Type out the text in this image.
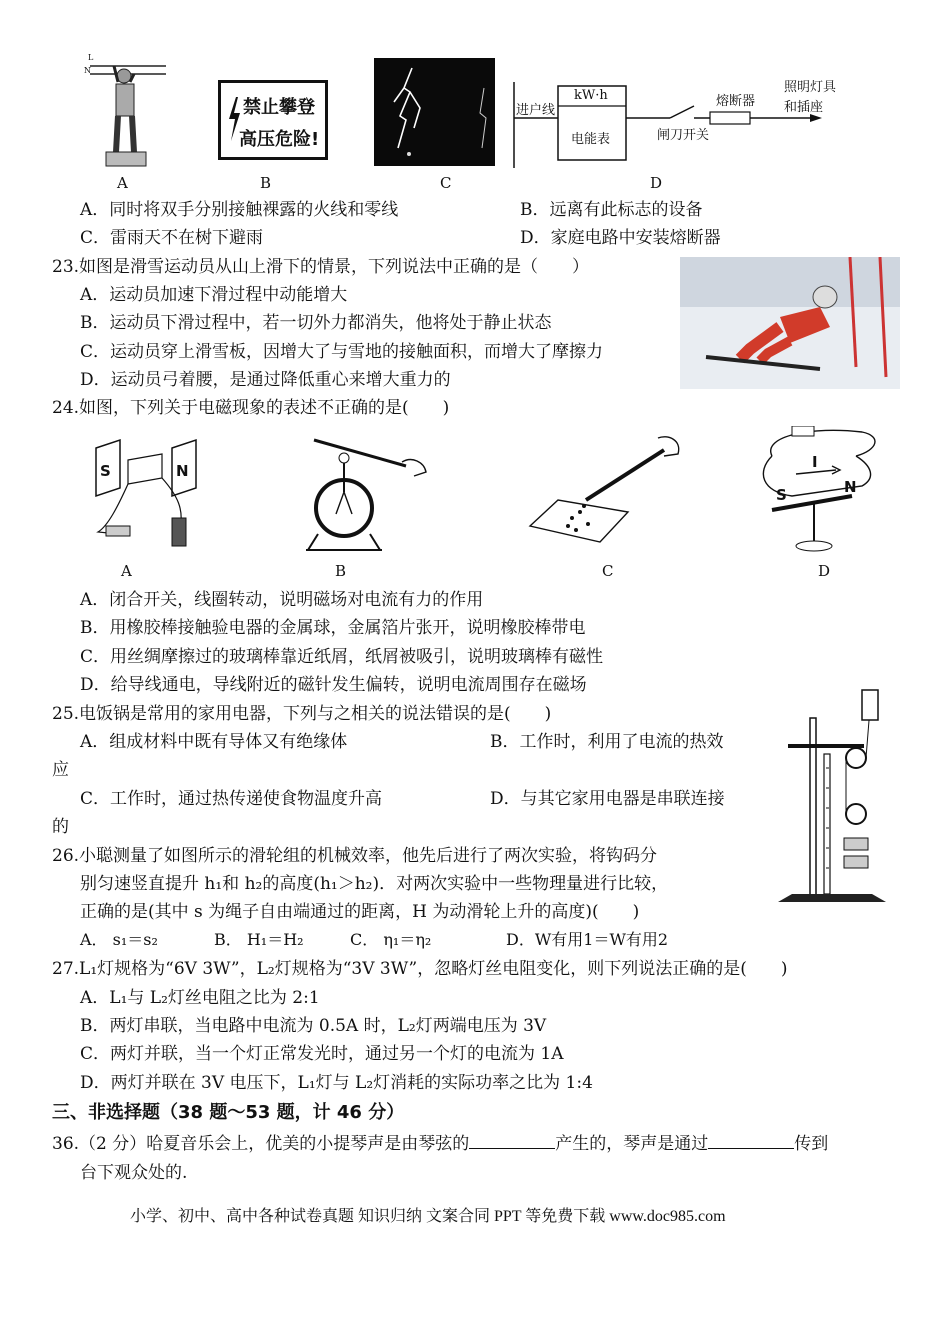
L
N
禁止攀登
高压危险!
kW·h
电能表
进户线
闸刀开关
熔断器
照明灯具
和插座
A	B	C	D
A．同时将双手分别接触裸露的火线和零线	B．远离有此标志的设备
C．雷雨天不在树下避雨	D．家庭电路中安装熔断器
23.如图是滑雪运动员从山上滑下的情景，下列说法中正确的是（　　）
A．运动员加速下滑过程中动能增大
B．运动员下滑过程中，若一切外力都消失，他将处于静止状态
C．运动员穿上滑雪板，因增大了与雪地的接触面积，而增大了摩擦力
D．运动员弓着腰，是通过降低重心来增大重力的
24.如图，下列关于电磁现象的表述不正确的是(　　)
S	N	I
S	N
A	B	C	D
A．闭合开关，线圈转动，说明磁场对电流有力的作用
B．用橡胶棒接触验电器的金属球，金属箔片张开，说明橡胶棒带电
C．用丝绸摩擦过的玻璃棒靠近纸屑，纸屑被吸引，说明玻璃棒有磁性
D．给导线通电，导线附近的磁针发生偏转，说明电流周围存在磁场
25.电饭锅是常用的家用电器，下列与之相关的说法错误的是(　　)
A．组成材料中既有导体又有绝缘体	B．工作时，利用了电流的热效
应
C．工作时，通过热传递使食物温度升高	D．与其它家用电器是串联连接
的
26.小聪测量了如图所示的滑轮组的机械效率，他先后进行了两次实验，将钩码分
别匀速竖直提升 h₁和 h₂的高度(h₁＞h₂)．对两次实验中一些物理量进行比较，
正确的是(其中 s 为绳子自由端通过的距离，H 为动滑轮上升的高度)(　　)
A． s₁＝s₂	B． H₁＝H₂	C． η₁＝η₂	D．W有用1＝W有用2
27.L₁灯规格为“6V 3W”，L₂灯规格为“3V 3W”，忽略灯丝电阻变化，则下列说法正确的是(　　)
A．L₁与 L₂灯丝电阻之比为 2:1
B．两灯串联，当电路中电流为 0.5A 时，L₂灯两端电压为 3V
C．两灯并联，当一个灯正常发光时，通过另一个灯的电流为 1A
D．两灯并联在 3V 电压下，L₁灯与 L₂灯消耗的实际功率之比为 1:4
三、非选择题（38 题～53 题，计 46 分）
36.（2 分）哈夏音乐会上，优美的小提琴声是由琴弦的	产生的，琴声是通过	传到
台下观众处的.
小学、初中、高中各种试卷真题 知识归纳 文案合同 PPT 等免费下载 www.doc985.com
